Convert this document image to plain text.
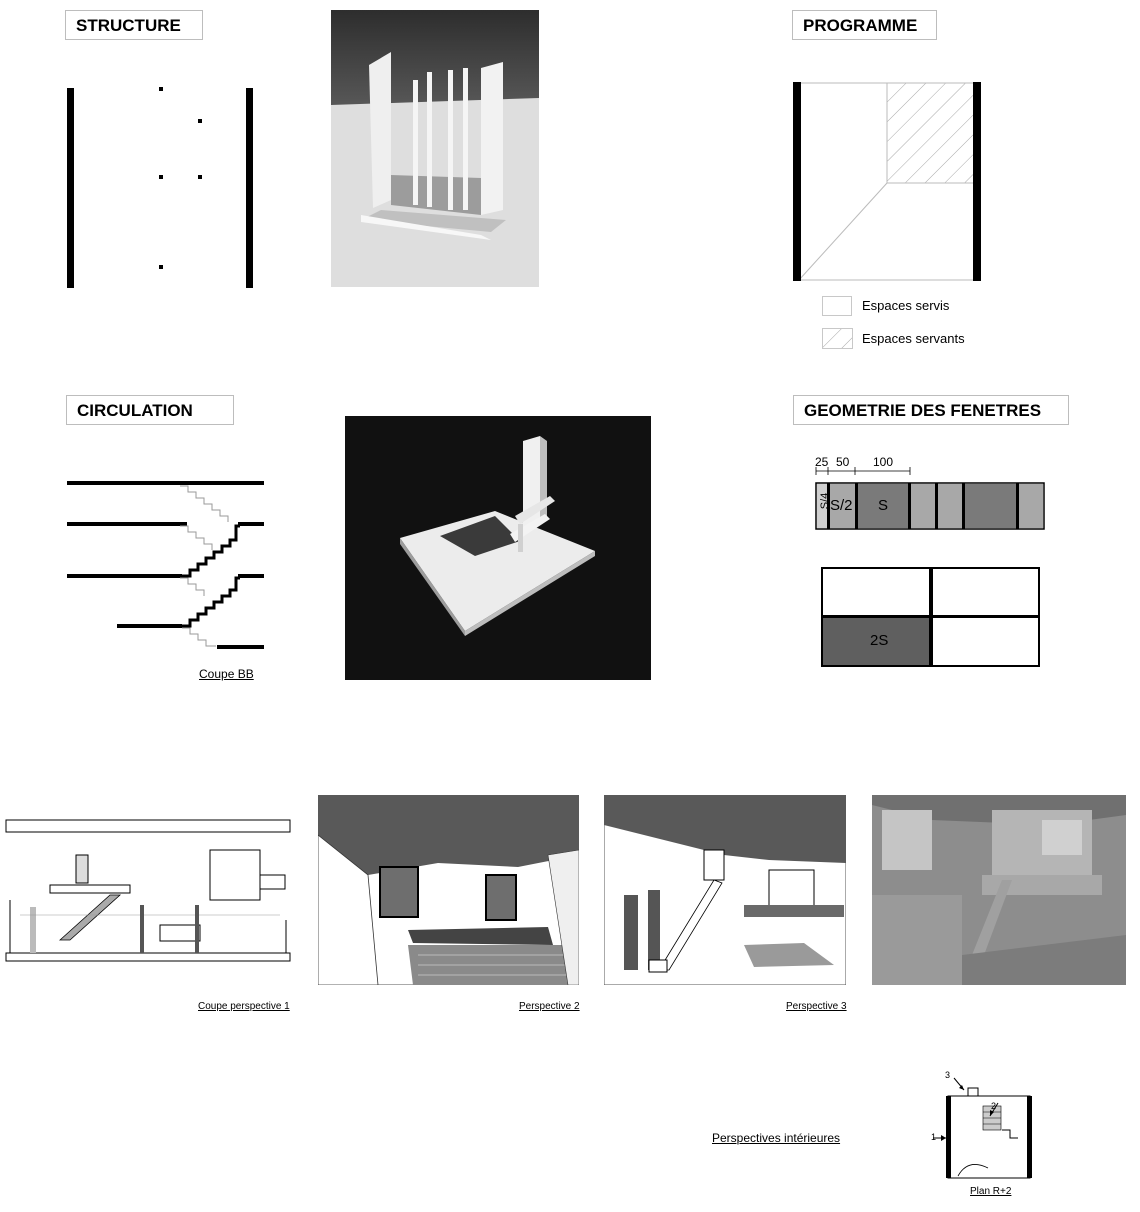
STRUCTURE	PROGRAMME
Espaces servis
Espaces servants
CIRCULATION
Coupe BB
GEOMETRIE DES FENETRES
25 50 100
S/4 S/2 S
2S
Coupe perspective 1	Perspective 2	Perspective 3
Perspectives intérieures	1
2
3
Plan R+2
